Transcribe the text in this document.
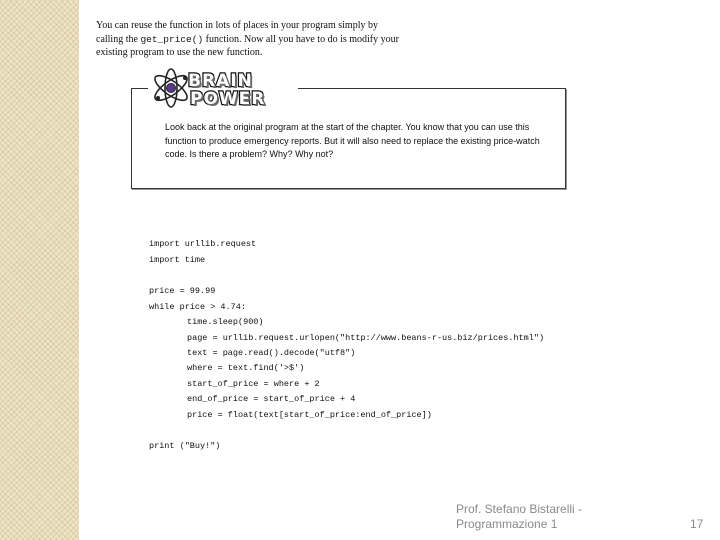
You can reuse the function in lots of places in your program simply by calling the get_price() function. Now all you have to do is modify your existing program to use the new function.
BRAIN
POWER
Look back at the original program at the start of the chapter. You know that you can use this function to produce emergency reports. But it will also need to replace the existing price-watch code. Is there a problem? Why? Why not?
import urllib.request
import time
price = 99.99
while price > 4.74:
time.sleep(900)
page = urllib.request.urlopen("http://www.beans-r-us.biz/prices.html")
text = page.read().decode("utf8")
where = text.find('>$')
start_of_price = where + 2
end_of_price = start_of_price + 4
price = float(text[start_of_price:end_of_price])
print ("Buy!")
Prof. Stefano Bistarelli -
Programmazione 1	17
